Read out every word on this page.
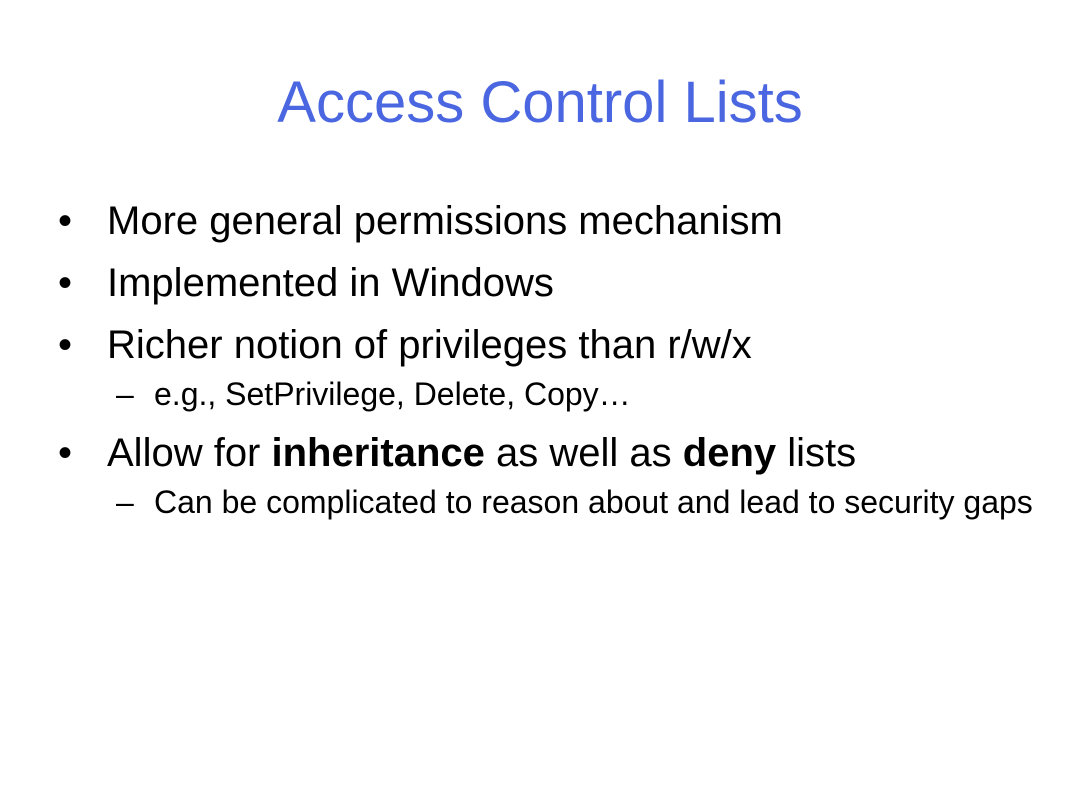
Access Control Lists
• More general permissions mechanism
• Implemented in Windows
• Richer notion of privileges than r/w/x
– e.g., SetPrivilege, Delete, Copy…
• Allow for inheritance as well as deny lists
– Can be complicated to reason about and lead to security gaps
